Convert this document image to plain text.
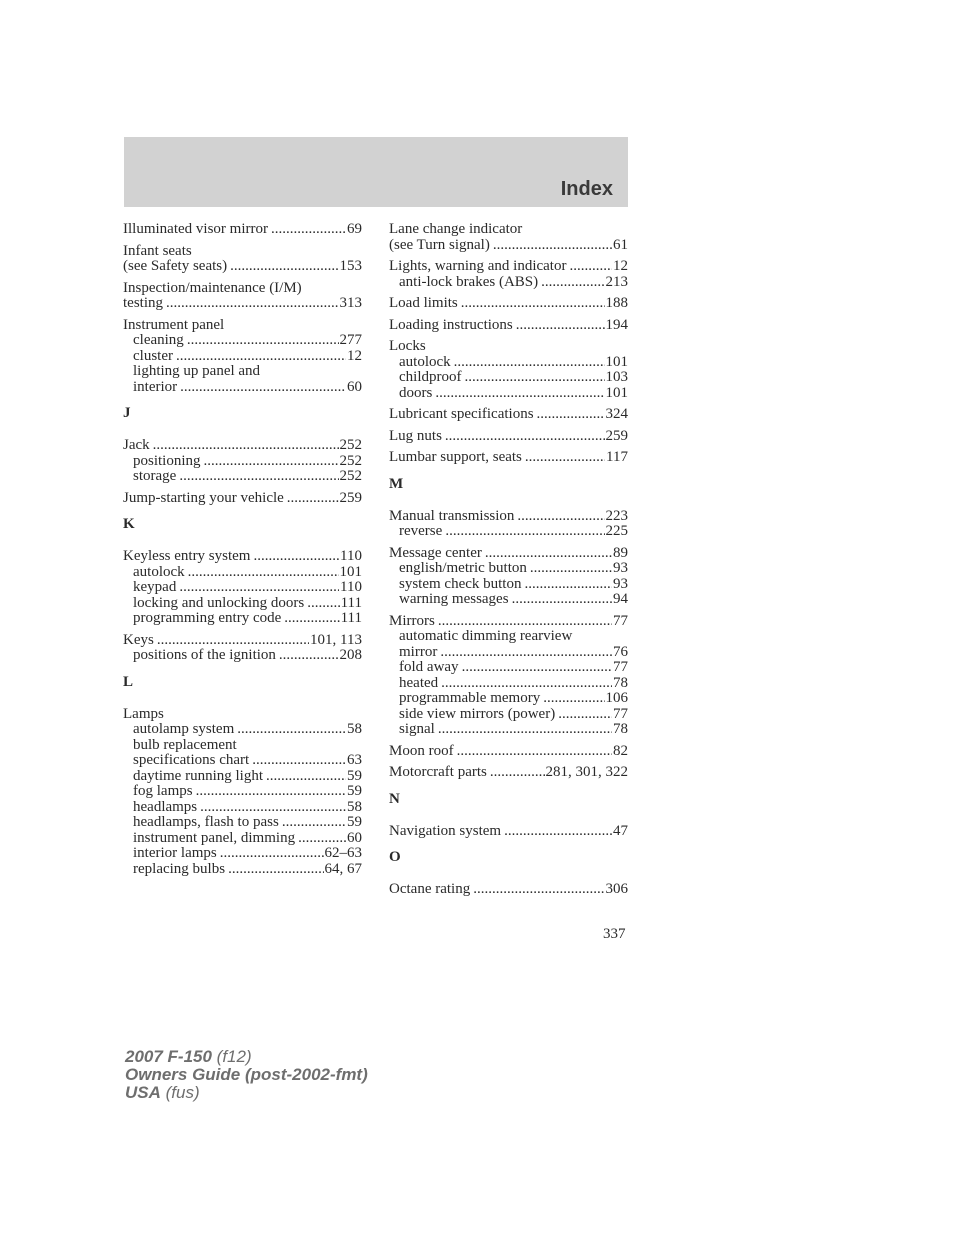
Index
Illuminated visor mirror .....	69
Infant seats
(see Safety seats) .....	153
Inspection/maintenance (I/M)
testing .....	313
Instrument panel
cleaning .....	277
cluster .....	12
lighting up panel and
interior .....	60
J
Jack .....	252
positioning .....	252
storage .....	252
Jump-starting your vehicle .....	259
K
Keyless entry system .....	110
autolock .....	101
keypad .....	110
locking and unlocking doors ..... 111
programming entry code .....	111
Keys .....	101, 113
positions of the ignition .....	208
L
Lamps
autolamp system .....	58
bulb replacement
specifications chart .....	63
daytime running light .....	59
fog lamps .....	59
headlamps .....	58
headlamps, flash to pass .....	59
instrument panel, dimming .....	60
interior lamps .....	62–63
replacing bulbs .....	64, 67
Lane change indicator
(see Turn signal) .....	61
Lights, warning and indicator .....	12
anti-lock brakes (ABS) .....	213
Load limits .....	188
Loading instructions .....	194
Locks
autolock .....	101
childproof .....	103
doors .....	101
Lubricant specifications .....	324
Lug nuts .....	259
Lumbar support, seats .....	117
M
Manual transmission .....	223
reverse .....	225
Message center .....	89
english/metric button .....	93
system check button .....	93
warning messages .....	94
Mirrors .....	77
automatic dimming rearview
mirror .....	76
fold away .....	77
heated .....	78
programmable memory .....	106
side view mirrors (power) .....	77
signal .....	78
Moon roof .....	82
Motorcraft parts .....	281, 301, 322
N
Navigation system .....	47
O
Octane rating .....	306
337
2007 F-150 (f12)
Owners Guide (post-2002-fmt)
USA (fus)
